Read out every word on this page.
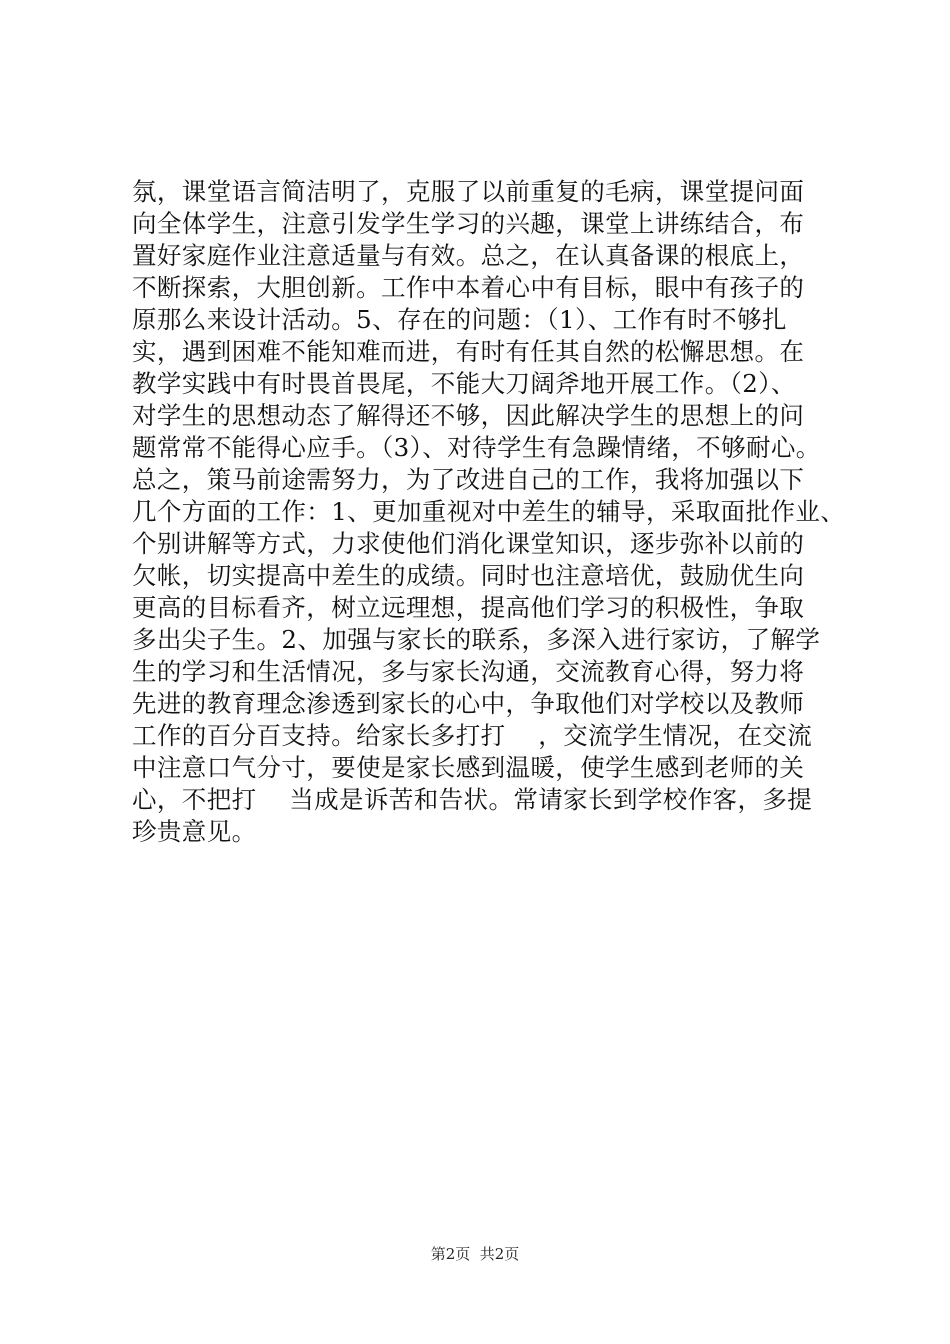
氛，课堂语言简洁明了，克服了以前重复的毛病，课堂提问面
向全体学生，注意引发学生学习的兴趣，课堂上讲练结合，布
置好家庭作业注意适量与有效。总之，在认真备课的根底上，
不断探索，大胆创新。工作中本着心中有目标，眼中有孩子的
原那么来设计活动。5、存在的问题：（1）、工作有时不够扎
实，遇到困难不能知难而进，有时有任其自然的松懈思想。在
教学实践中有时畏首畏尾，不能大刀阔斧地开展工作。（2）、
对学生的思想动态了解得还不够，因此解决学生的思想上的问
题常常不能得心应手。（3）、对待学生有急躁情绪，不够耐心。
总之，策马前途需努力，为了改进自己的工作，我将加强以下
几个方面的工作：1、更加重视对中差生的辅导，采取面批作业、
个别讲解等方式，力求使他们消化课堂知识，逐步弥补以前的
欠帐，切实提高中差生的成绩。同时也注意培优，鼓励优生向
更高的目标看齐，树立远理想，提高他们学习的积极性，争取
多出尖子生。2、加强与家长的联系，多深入进行家访，了解学
生的学习和生活情况，多与家长沟通，交流教育心得，努力将
先进的教育理念渗透到家长的心中，争取他们对学校以及教师
工作的百分百支持。给家长多打打    ，交流学生情况，在交流
中注意口气分寸，要使是家长感到温暖，使学生感到老师的关
心，不把打    当成是诉苦和告状。常请家长到学校作客，多提
珍贵意见。
第2页  共2页
